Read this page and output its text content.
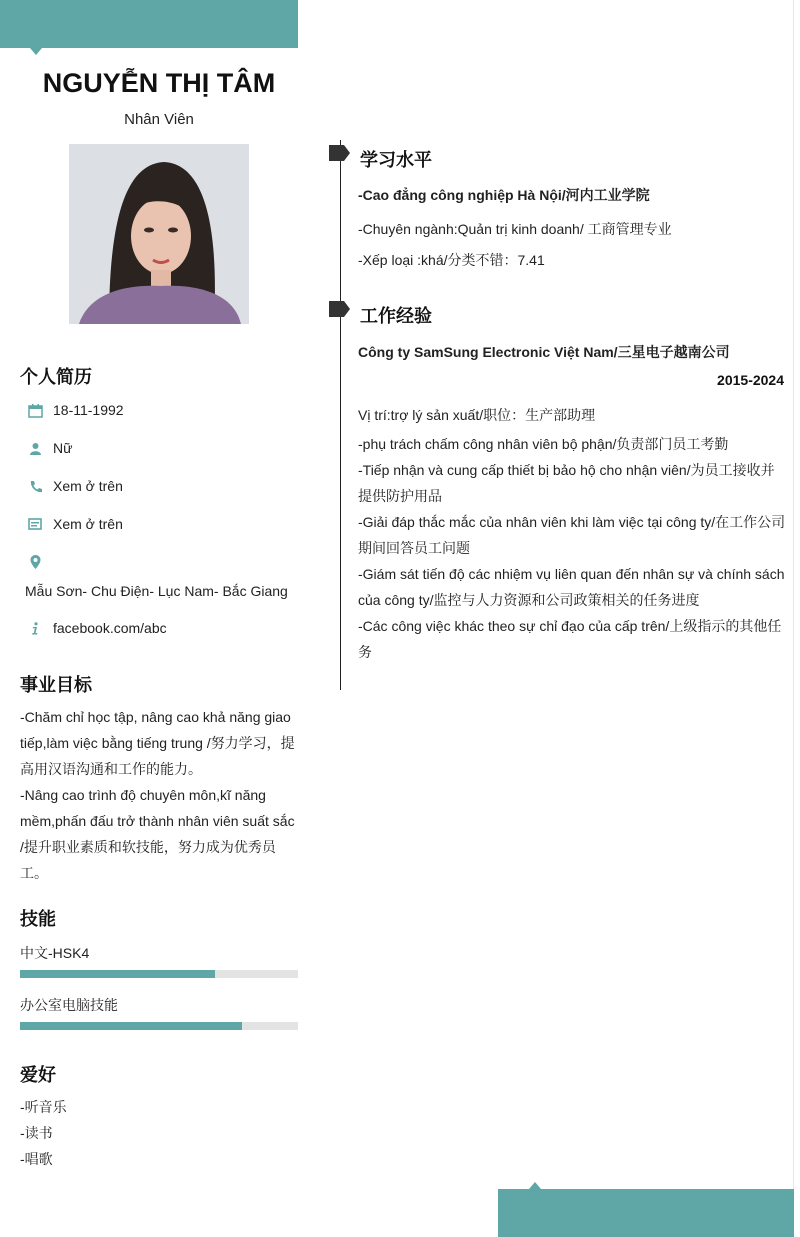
NGUYỄN THỊ TÂM
Nhân Viên
个人简历
18-11-1992
Nữ
Xem ở trên
Xem ở trên
Mẫu Sơn- Chu Điện- Lục Nam- Bắc Giang
facebook.com/abc
事业目标
-Chăm chỉ học tập, nâng cao khả năng giao
tiếp,làm việc bằng tiếng trung /努力学习，提
高用汉语沟通和工作的能力。
-Nâng cao trình độ chuyên môn,kĩ năng
mềm,phấn đấu trở thành nhân viên suất sắc
/提升职业素质和软技能，努力成为优秀员
工。
技能
中文-HSK4
办公室电脑技能
爱好
-听音乐
-读书
-唱歌
学习水平
-Cao đẳng công nghiệp Hà Nội/河内工业学院
-Chuyên ngành:Quản trị kinh doanh/ 工商管理专业
-Xếp loại :khá/分类不错：7.41
工作经验
Công ty SamSung Electronic Việt Nam/三星电子越南公司
2015-2024
Vị trí:trợ lý sản xuất/职位：生产部助理
-phụ trách chấm công nhân viên bộ phận/负责部门员工考勤
-Tiếp nhận và cung cấp thiết bị bảo hộ cho nhận viên/为员工接收并
提供防护用品
-Giải đáp thắc mắc của nhân viên khi làm việc tại công ty/在工作公司
期间回答员工问题
-Giám sát tiến độ các nhiệm vụ liên quan đến nhân sự và chính sách
của công ty/监控与人力资源和公司政策相关的任务进度
-Các công việc khác theo sự chỉ đạo của cấp trên/上级指示的其他任
务
